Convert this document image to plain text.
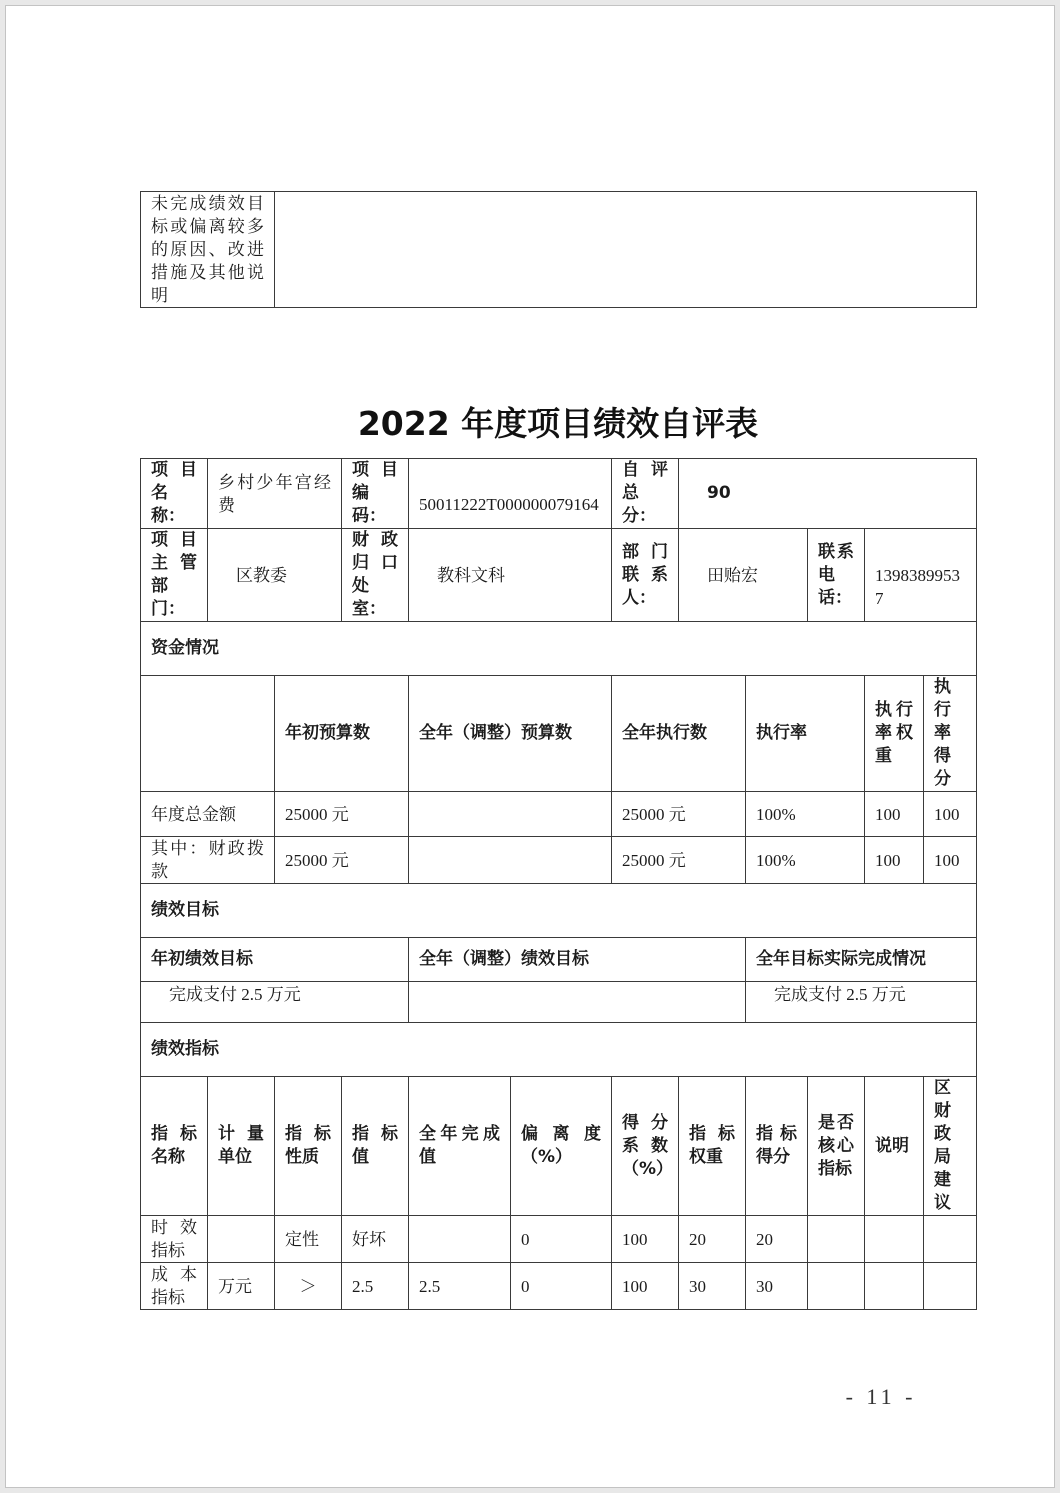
未完成绩效目标或偏离较多的原因、改进措施及其他说明	
2022 年度项目绩效自评表
项目名称：	乡村少年宫经费		项目编码：	50011222T000000079164		自评总分：	90				
项目主管部门：	区教委		财政归口处室：	教科文科		部门联系人：	田贻宏		联系电话：	13983899537	
资金情况											
		年初预算数		全年（调整）预算数		全年执行数		执行率		执行率权重	执行率得分
年度总金额		25000 元				25000 元		100%		100	100
其中：财政拨款		25000 元				25000 元		100%		100	100
绩效目标											
年初绩效目标				全年（调整）绩效目标				全年目标实际完成情况			
完成支付 2.5 万元								完成支付 2.5 万元			
绩效指标											
指标名称	计量单位	指标性质	指标值	全年完成值	偏离度（%）	得分系数（%）	指标权重	指标得分	是否核心指标	说明	区财政局建议
时效指标		定性	好坏		0	100	20	20			
成本指标	万元	＞	2.5	2.5	0	100	30	30			
- 11 -
